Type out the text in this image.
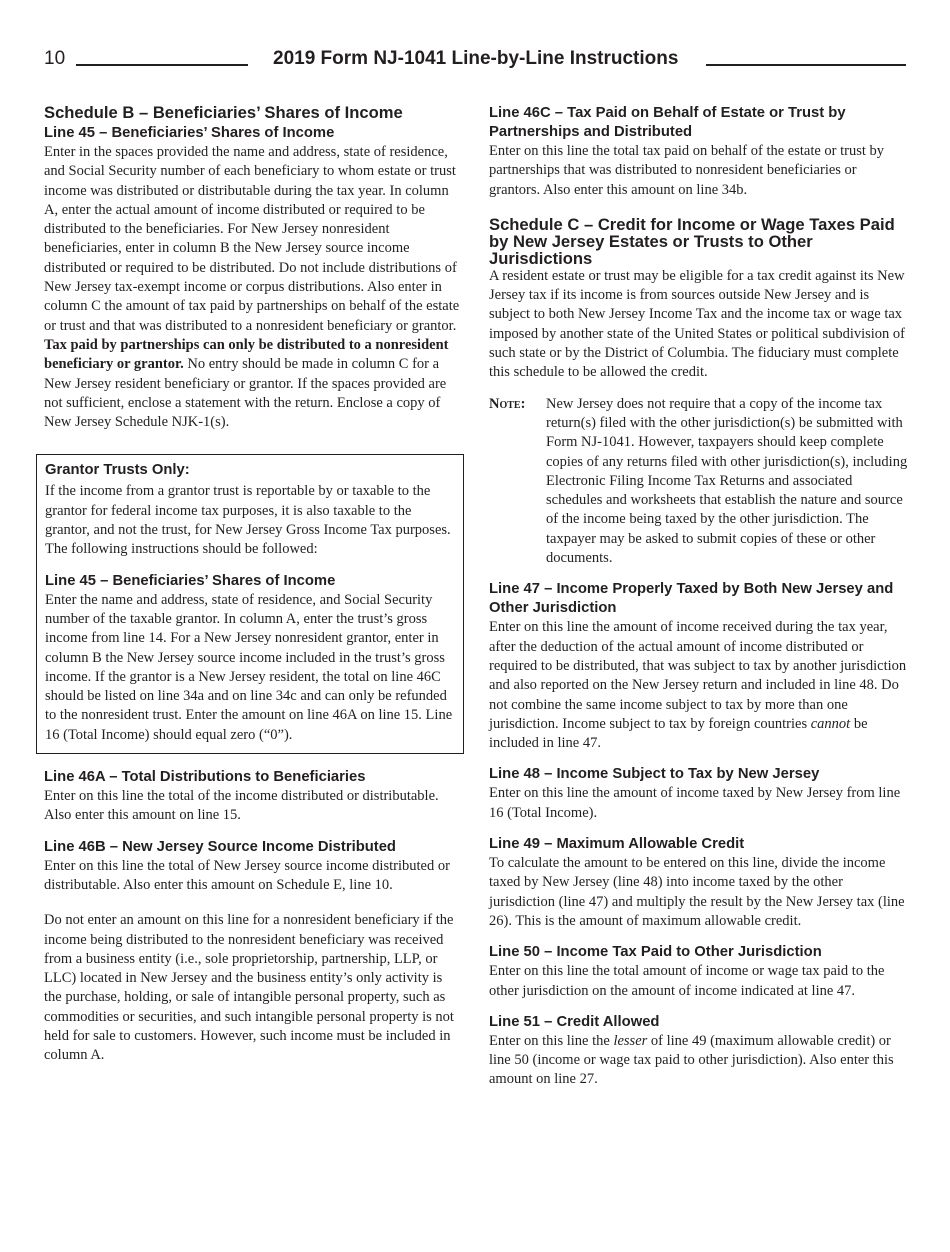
10	2019 Form NJ-1041 Line-by-Line Instructions
Schedule B – Beneficiaries’ Shares of Income
Line 45 – Beneficiaries’ Shares of Income

Enter in the spaces provided the name and address, state of residence, and Social Security number of each beneficiary to whom estate or trust income was distributed or distributable during the tax year. In column A, enter the actual amount of income distributed or required to be distributed to the beneficiaries. For New Jersey nonresident beneficiaries, enter in column B the New Jersey source income distributed or required to be distributed. Do not include distributions of New Jersey tax-exempt income or corpus distributions. Also enter in column C the amount of tax paid by partnerships on behalf of the estate or trust and that was distributed to a nonresident beneficiary or grantor. Tax paid by partnerships can only be distributed to a nonresident beneficiary or grantor. No entry should be made in column C for a New Jersey resident beneficiary or grantor. If the spaces provided are not sufficient, enclose a statement with the return. Enclose a copy of New Jersey Schedule NJK-1(s).

Grantor Trusts Only:

If the income from a grantor trust is reportable by or taxable to the grantor for federal income tax purposes, it is also taxable to the grantor, and not the trust, for New Jersey Gross Income Tax purposes. The following instructions should be followed:

Line 45 – Beneficiaries’ Shares of Income

Enter the name and address, state of residence, and Social Security number of the taxable grantor. In column A, enter the trust’s gross income from line 14. For a New Jersey nonresident grantor, enter in column B the New Jersey source income included in the trust’s gross income. If the grantor is a New Jersey resident, the total on line 46C should be listed on line 34a and on line 34c and can only be refunded to the nonresident trust. Enter the amount on line 46A on line 15. Line 16 (Total Income) should equal zero (“0”).

Line 46A – Total Distributions to Beneficiaries

Enter on this line the total of the income distributed or distributable. Also enter this amount on line 15.

Line 46B – New Jersey Source Income Distributed

Enter on this line the total of New Jersey source income distributed or distributable. Also enter this amount on Schedule E, line 10.

Do not enter an amount on this line for a nonresident beneficiary if the income being distributed to the nonresident beneficiary was received from a business entity (i.e., sole proprietorship, partnership, LLP, or LLC) located in New Jersey and the business entity’s only activity is the purchase, holding, or sale of intangible personal property, such as commodities or securities, and such intangible personal property is not held for sale to customers. However, such income must be included in column A.

Line 46C – Tax Paid on Behalf of Estate or Trust by Partnerships and Distributed

Enter on this line the total tax paid on behalf of the estate or trust by partnerships that was distributed to nonresident beneficiaries or grantors. Also enter this amount on line 34b.

Schedule C – Credit for Income or Wage Taxes Paid by New Jersey Estates or Trusts to Other Jurisdictions

A resident estate or trust may be eligible for a tax credit against its New Jersey tax if its income is from sources outside New Jersey and is subject to both New Jersey Income Tax and the income tax or wage tax imposed by another state of the United States or political subdivision of such state or by the District of Columbia. The fiduciary must complete this schedule to be allowed the credit.

Note:	New Jersey does not require that a copy of the income tax return(s) filed with the other jurisdiction(s) be submitted with Form NJ-1041. However, taxpayers should keep complete copies of any returns filed with other jurisdiction(s), including Electronic Filing Income Tax Returns and associated schedules and worksheets that establish the nature and source of the income being taxed by the other jurisdiction. The taxpayer may be asked to submit copies of these or other documents.
Line 47 – Income Properly Taxed by Both New Jersey and Other Jurisdiction

Enter on this line the amount of income received during the tax year, after the deduction of the actual amount of income distributed or required to be distributed, that was subject to tax by another jurisdiction and also reported on the New Jersey return and included in line 48. Do not combine the same income subject to tax by more than one jurisdiction. Income subject to tax by foreign countries cannot be included in line 47.

Line 48 – Income Subject to Tax by New Jersey

Enter on this line the amount of income taxed by New Jersey from line 16 (Total Income).

Line 49 – Maximum Allowable Credit

To calculate the amount to be entered on this line, divide the income taxed by New Jersey (line 48) into income taxed by the other jurisdiction (line 47) and multiply the result by the New Jersey tax (line 26). This is the amount of maximum allowable credit.

Line 50 – Income Tax Paid to Other Jurisdiction

Enter on this line the total amount of income or wage tax paid to the other jurisdiction on the amount of income indicated at line 47.

Line 51 – Credit Allowed

Enter on this line the lesser of line 49 (maximum allowable credit) or line 50 (income or wage tax paid to other jurisdiction). Also enter this amount on line 27.
